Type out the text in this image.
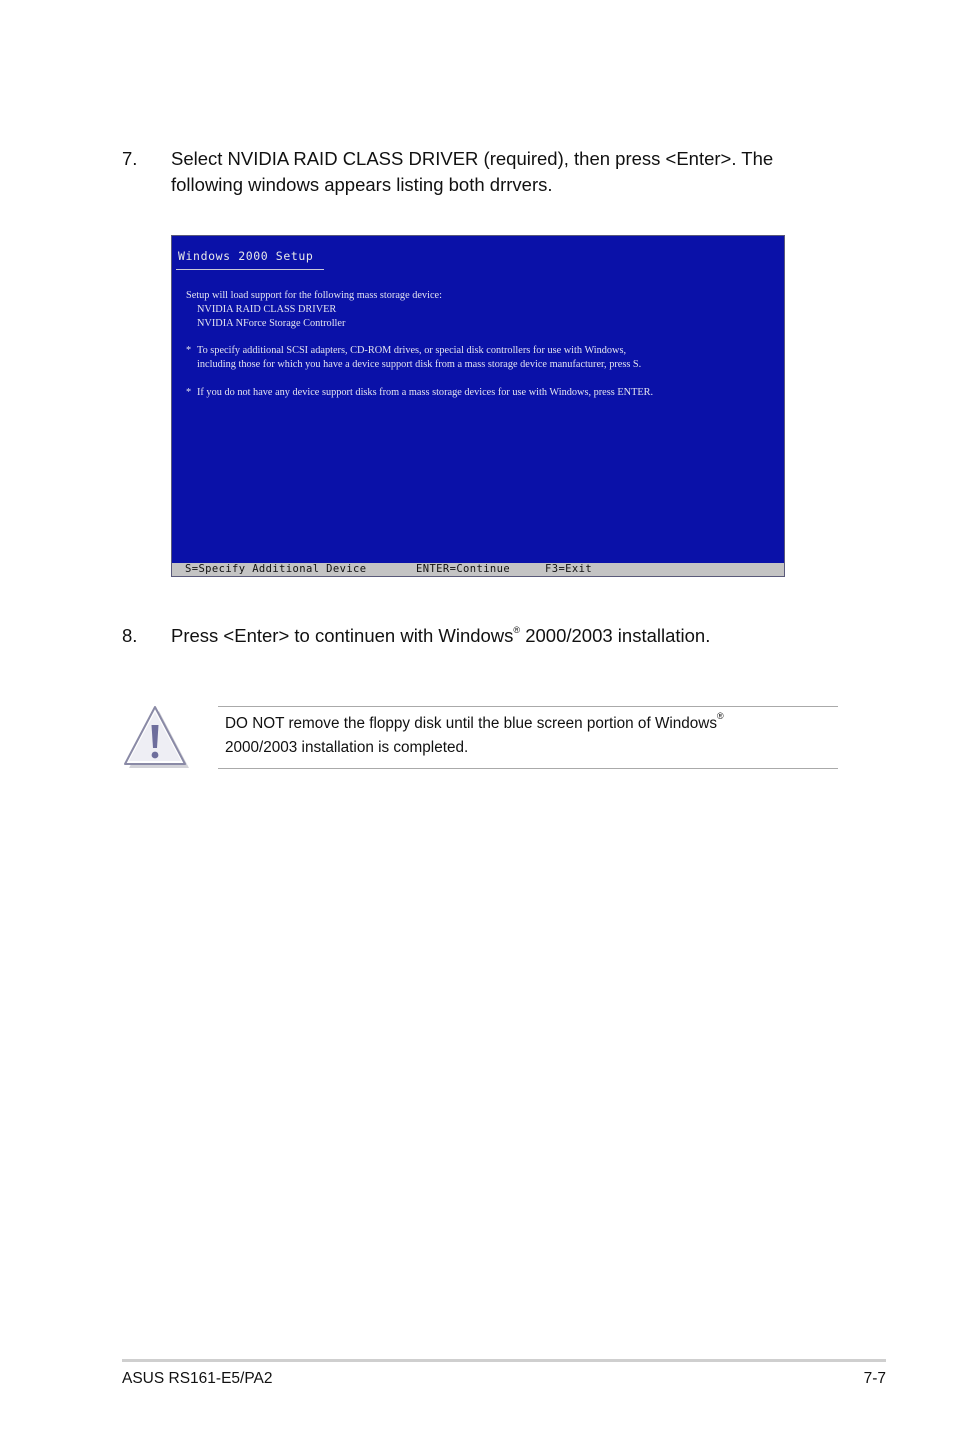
7. Select NVIDIA RAID CLASS DRIVER (required), then press <Enter>. The following windows appears listing both drrvers.
Windows 2000 Setup

Setup will load support for the following mass storage device:

NVIDIA RAID CLASS DRIVER

NVIDIA NForce Storage Controller

* To specify additional SCSI adapters, CD-ROM drives, or special disk controllers for use with Windows,

including those for which you have a device support disk from a mass storage device manufacturer, press S.

* If you do not have any device support disks from a mass storage devices for use with Windows, press ENTER.

S=Specify Additional Device

	ENTER=Continue

	F3=Exit

8. Press <Enter> to continuen with Windows® 2000/2003 installation.
DO NOT remove the floppy disk until the blue screen portion of Windows®
2000/2003 installation is completed.
ASUS RS161-E5/PA2	7-7
